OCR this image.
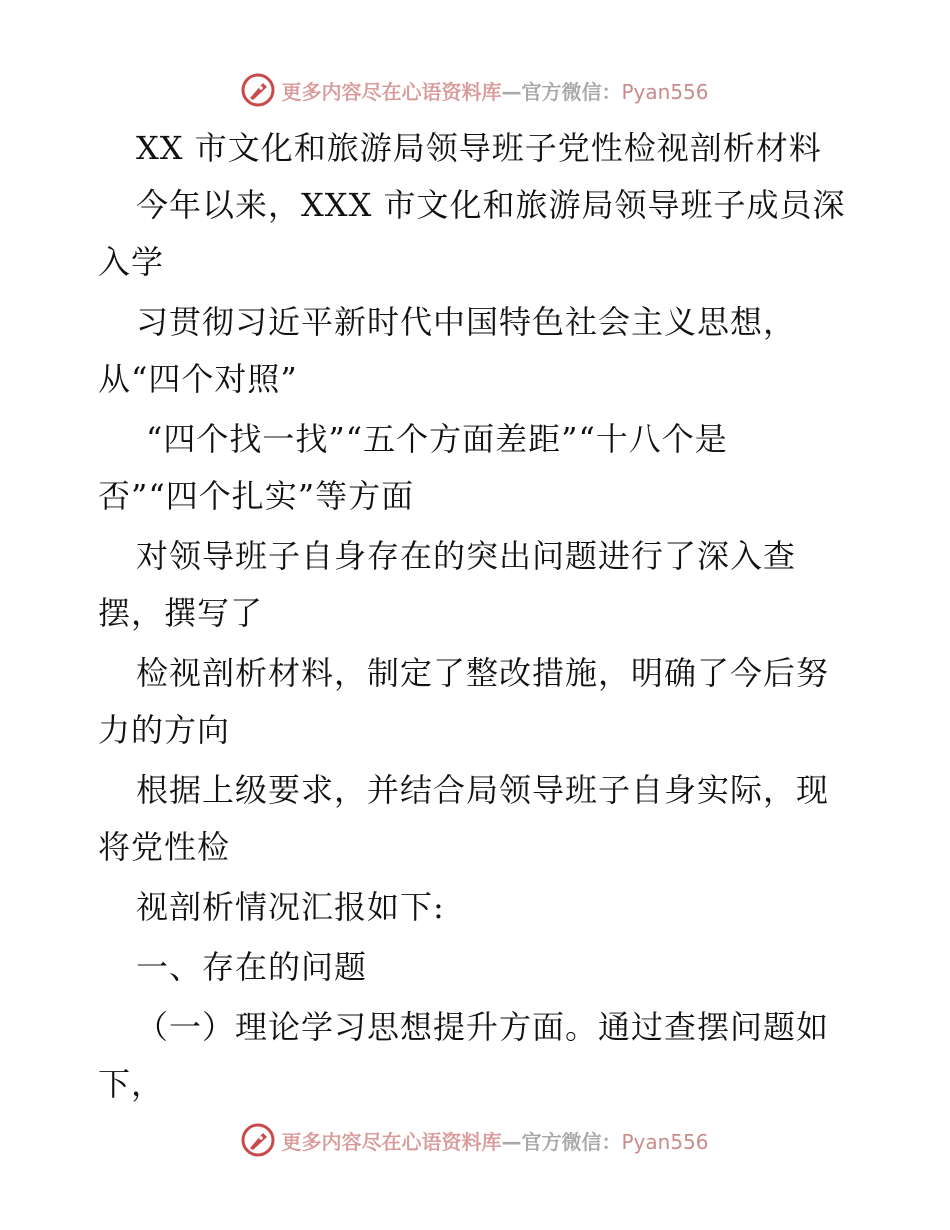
更多内容尽在心语资料库—官方微信：Pyan556
XX 市文化和旅游局领导班子党性检视剖析材料
今年以来，XXX 市文化和旅游局领导班子成员深
入学
习贯彻习近平新时代中国特色社会主义思想，
从“四个对照”
“四个找一找”“五个方面差距”“十八个是
否”“四个扎实”等方面
对领导班子自身存在的突出问题进行了深入查
摆，撰写了
检视剖析材料，制定了整改措施，明确了今后努
力的方向
根据上级要求，并结合局领导班子自身实际，现
将党性检
视剖析情况汇报如下:
一、存在的问题
（一）理论学习思想提升方面。通过查摆问题如
下，
更多内容尽在心语资料库—官方微信：Pyan556
